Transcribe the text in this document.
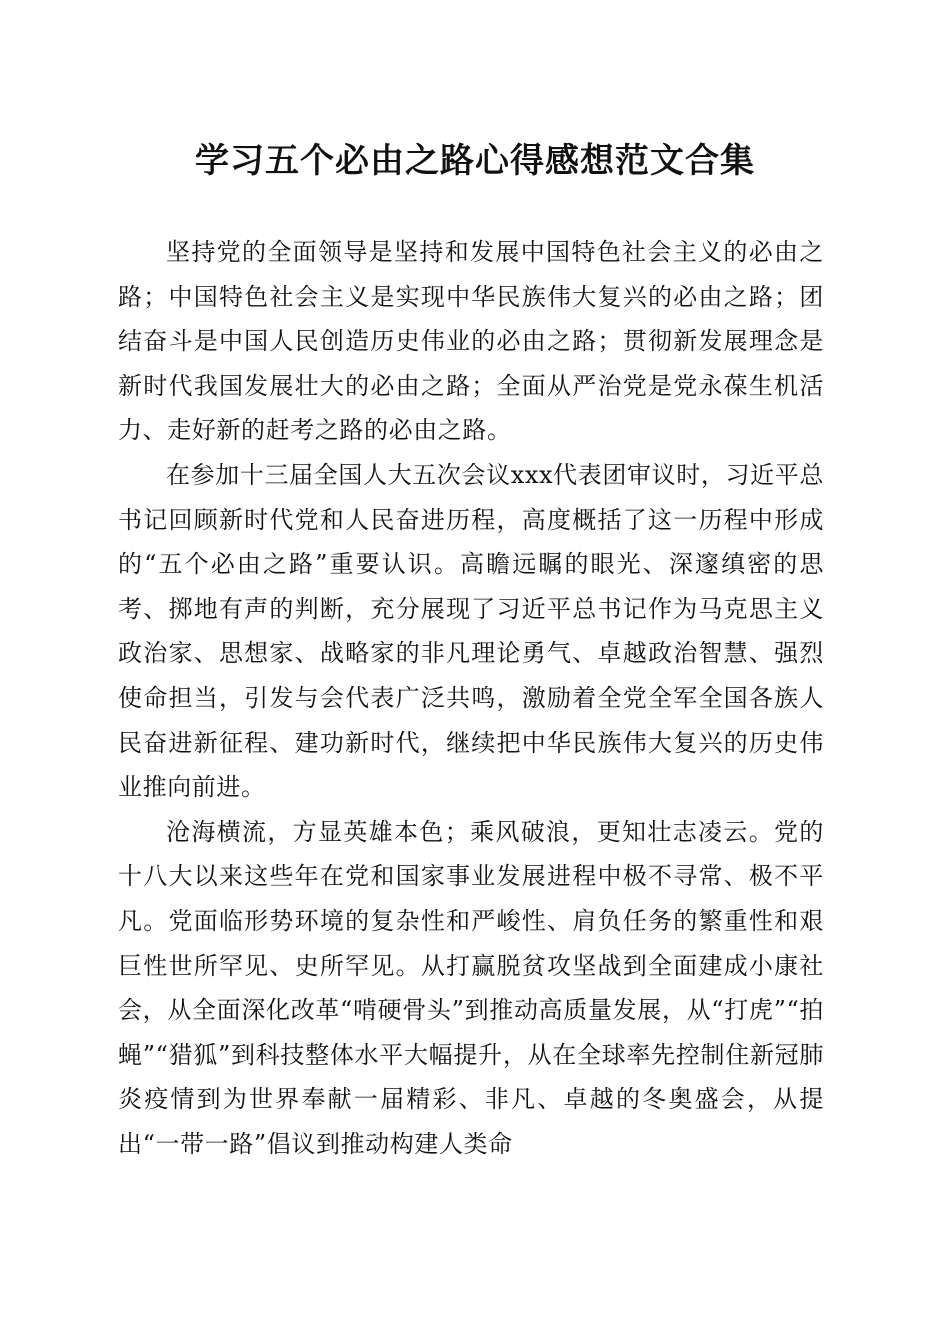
学习五个必由之路心得感想范文合集

坚持党的全面领导是坚持和发展中国特色社会主义的必由之路；中国特色社会主义是实现中华民族伟大复兴的必由之路；团结奋斗是中国人民创造历史伟业的必由之路；贯彻新发展理念是新时代我国发展壮大的必由之路；全面从严治党是党永葆生机活力、走好新的赶考之路的必由之路。

在参加十三届全国人大五次会议xxx代表团审议时，习近平总书记回顾新时代党和人民奋进历程，高度概括了这一历程中形成的“五个必由之路”重要认识。高瞻远瞩的眼光、深邃缜密的思考、掷地有声的判断，充分展现了习近平总书记作为马克思主义政治家、思想家、战略家的非凡理论勇气、卓越政治智慧、强烈使命担当，引发与会代表广泛共鸣，激励着全党全军全国各族人民奋进新征程、建功新时代，继续把中华民族伟大复兴的历史伟业推向前进。

沧海横流，方显英雄本色；乘风破浪，更知壮志凌云。党的十八大以来这些年在党和国家事业发展进程中极不寻常、极不平凡。党面临形势环境的复杂性和严峻性、肩负任务的繁重性和艰巨性世所罕见、史所罕见。从打赢脱贫攻坚战到全面建成小康社会，从全面深化改革“啃硬骨头”到推动高质量发展，从“打虎”“拍蝇”“猎狐”到科技整体水平大幅提升，从在全球率先控制住新冠肺炎疫情到为世界奉献一届精彩、非凡、卓越的冬奥盛会，从提出“一带一路”倡议到推动构建人类命
